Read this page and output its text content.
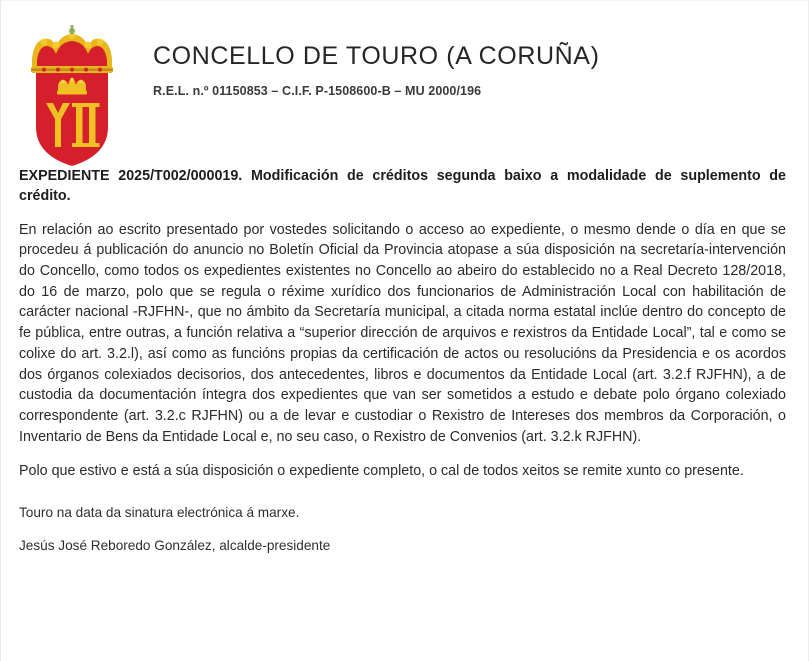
CONCELLO DE TOURO (A CORUÑA)
R.E.L. n.º 01150853 – C.I.F. P-1508600-B – MU 2000/196
EXPEDIENTE 2025/T002/000019. Modificación de créditos segunda baixo a modalidade de suplemento de crédito.

En relación ao escrito presentado por vostedes solicitando o acceso ao expediente, o mesmo dende o día en que se procedeu á publicación do anuncio no Boletín Oficial da Provincia atopase a súa disposición na secretaría-intervención do Concello, como todos os expedientes existentes no Concello ao abeiro do establecido no a Real Decreto 128/2018, do 16 de marzo, polo que se regula o réxime xurídico dos funcionarios de Administración Local con habilitación de carácter nacional -RJFHN-, que no ámbito da Secretaría municipal, a citada norma estatal inclúe dentro do concepto de fe pública, entre outras, a función relativa a “superior dirección de arquivos e rexistros da Entidade Local”, tal e como se colixe do art. 3.2.l), así como as funcións propias da certificación de actos ou resolucións da Presidencia e os acordos dos órganos colexiados decisorios, dos antecedentes, libros e documentos da Entidade Local (art. 3.2.f RJFHN), a de custodia da documentación íntegra dos expedientes que van ser sometidos a estudo e debate polo órgano colexiado correspondente (art. 3.2.c RJFHN) ou a de levar e custodiar o Rexistro de Intereses dos membros da Corporación, o Inventario de Bens da Entidade Local e, no seu caso, o Rexistro de Convenios (art. 3.2.k RJFHN).

Polo que estivo e está a súa disposición o expediente completo, o cal de todos xeitos se remite xunto co presente.

Touro na data da sinatura electrónica á marxe.
Jesús José Reboredo González, alcalde-presidente
